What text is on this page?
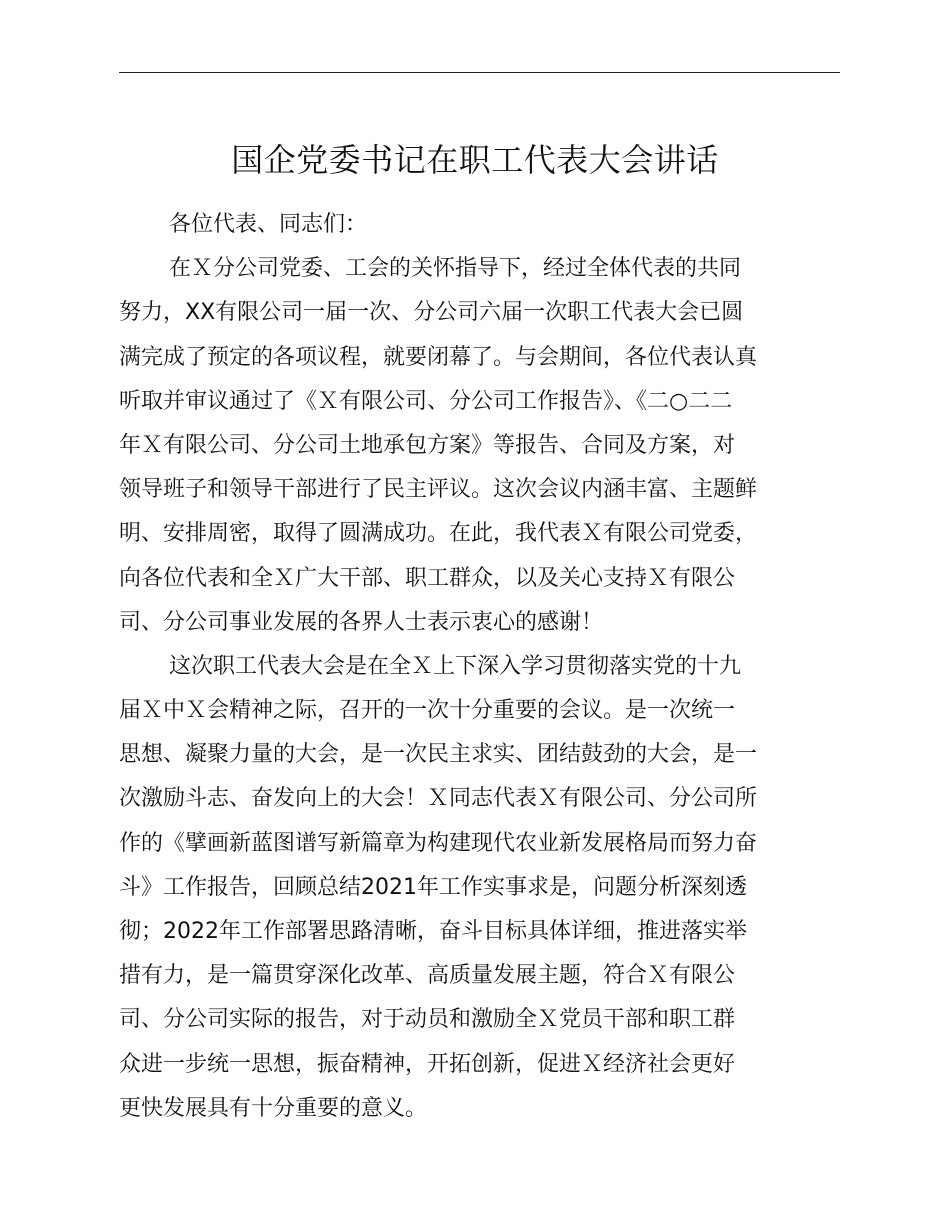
国企党委书记在职工代表大会讲话
各位代表、同志们：
在Ｘ分公司党委、工会的关怀指导下，经过全体代表的共同
努力，XX有限公司一届一次、分公司六届一次职工代表大会已圆
满完成了预定的各项议程，就要闭幕了。与会期间，各位代表认真
听取并审议通过了《Ｘ有限公司、分公司工作报告》、《二○二二
年Ｘ有限公司、分公司土地承包方案》等报告、合同及方案，对
领导班子和领导干部进行了民主评议。这次会议内涵丰富、主题鲜
明、安排周密，取得了圆满成功。在此，我代表Ｘ有限公司党委，
向各位代表和全Ｘ广大干部、职工群众，以及关心支持Ｘ有限公
司、分公司事业发展的各界人士表示衷心的感谢！
这次职工代表大会是在全Ｘ上下深入学习贯彻落实党的十九
届Ｘ中Ｘ会精神之际，召开的一次十分重要的会议。是一次统一
思想、凝聚力量的大会，是一次民主求实、团结鼓劲的大会，是一
次激励斗志、奋发向上的大会！Ｘ同志代表Ｘ有限公司、分公司所
作的《擘画新蓝图谱写新篇章为构建现代农业新发展格局而努力奋
斗》工作报告，回顾总结2021年工作实事求是，问题分析深刻透
彻；2022年工作部署思路清晰，奋斗目标具体详细，推进落实举
措有力，是一篇贯穿深化改革、高质量发展主题，符合Ｘ有限公
司、分公司实际的报告，对于动员和激励全Ｘ党员干部和职工群
众进一步统一思想，振奋精神，开拓创新，促进Ｘ经济社会更好
更快发展具有十分重要的意义。
